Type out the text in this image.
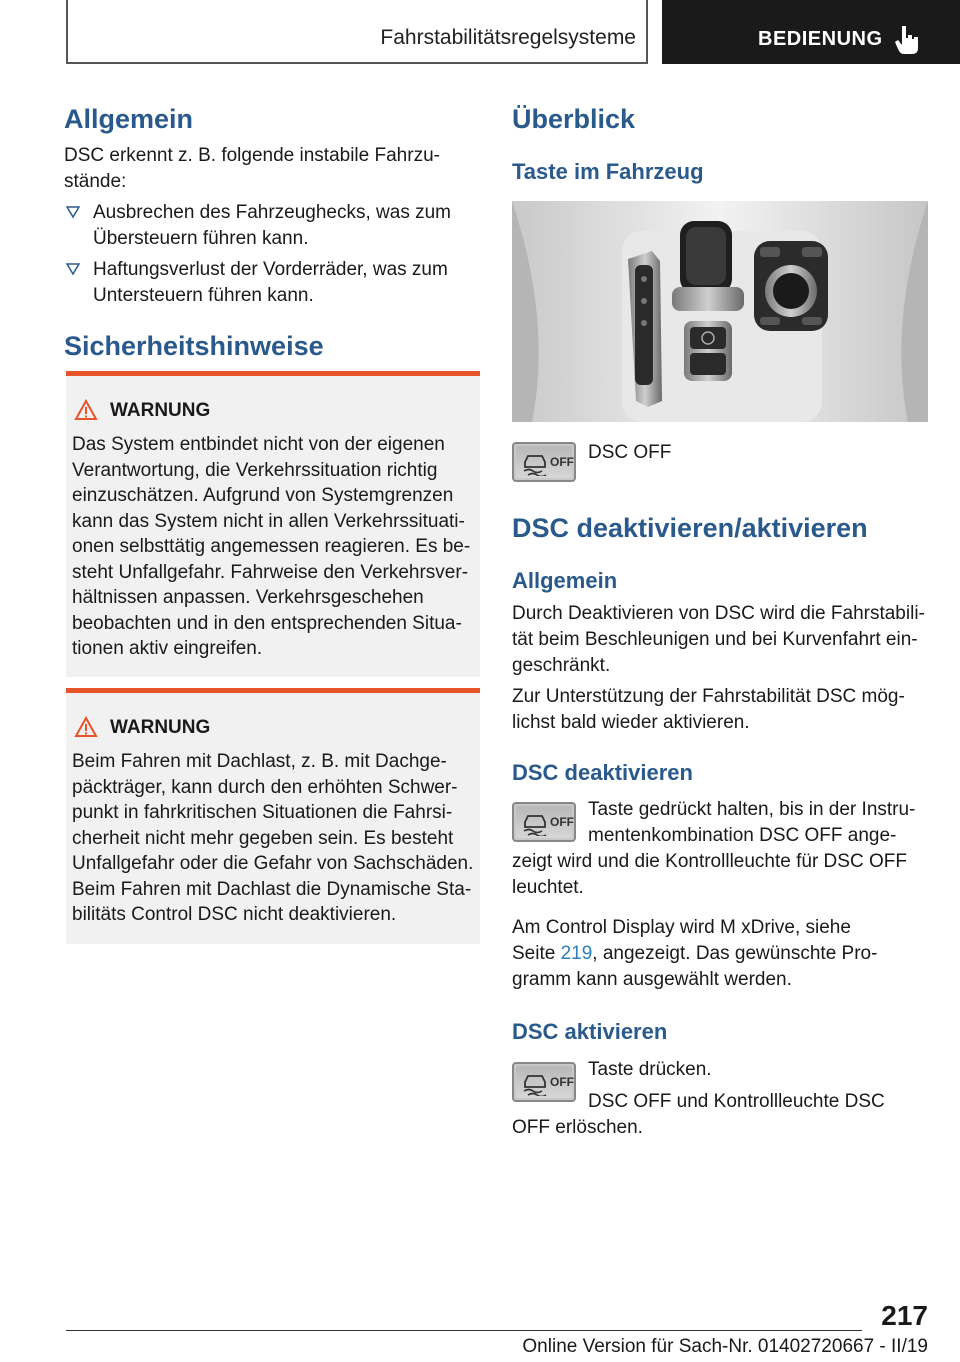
Fahrstabilitätsregelsysteme	BEDIENUNG
Allgemein
DSC erkennt z. B. folgende instabile Fahrzu-
stände:
Ausbrechen des Fahrzeughecks, was zum
Übersteuern führen kann.
Haftungsverlust der Vorderräder, was zum
Untersteuern führen kann.
Sicherheitshinweise
WARNUNG
Das System entbindet nicht von der eigenen
Verantwortung, die Verkehrssituation richtig
einzuschätzen. Aufgrund von Systemgrenzen
kann das System nicht in allen Verkehrssituati-
onen selbsttätig angemessen reagieren. Es be-
steht Unfallgefahr. Fahrweise den Verkehrsver-
hältnissen anpassen. Verkehrsgeschehen
beobachten und in den entsprechenden Situa-
tionen aktiv eingreifen.
WARNUNG
Beim Fahren mit Dachlast, z. B. mit Dachge-
päckträger, kann durch den erhöhten Schwer-
punkt in fahrkritischen Situationen die Fahrsi-
cherheit nicht mehr gegeben sein. Es besteht
Unfallgefahr oder die Gefahr von Sachschäden.
Beim Fahren mit Dachlast die Dynamische Sta-
bilitäts Control DSC nicht deaktivieren.
Überblick
Taste im Fahrzeug
OFF DSC OFF
DSC deaktivieren/aktivieren
Allgemein
Durch Deaktivieren von DSC wird die Fahrstabili-
tät beim Beschleunigen und bei Kurvenfahrt ein-
geschränkt.
Zur Unterstützung der Fahrstabilität DSC mög-
lichst bald wieder aktivieren.
DSC deaktivieren
OFF
Taste gedrückt halten, bis in der Instru-
mentenkombination DSC OFF ange-
zeigt wird und die Kontrollleuchte für DSC OFF
leuchtet.
Am Control Display wird M xDrive, siehe
Seite 219, angezeigt. Das gewünschte Pro-
gramm kann ausgewählt werden.
DSC aktivieren
OFF
Taste drücken.
DSC OFF und Kontrollleuchte DSC
OFF erlöschen.
217
Online Version für Sach-Nr. 01402720667 - II/19
